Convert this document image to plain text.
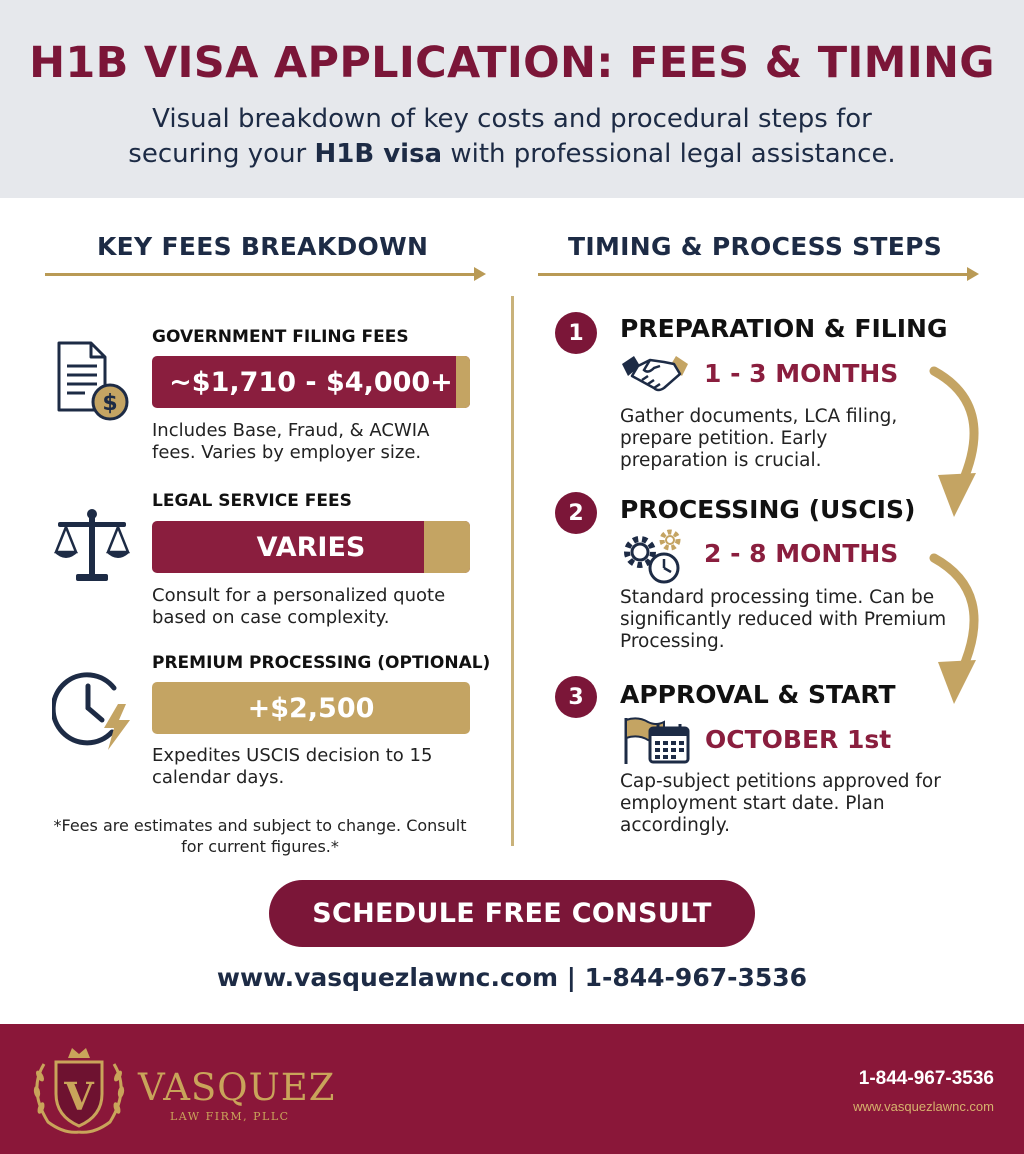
H1B VISA APPLICATION: FEES & TIMING
Visual breakdown of key costs and procedural steps for securing your H1B visa with professional legal assistance.
KEY FEES BREAKDOWN	TIMING & PROCESS STEPS
$
GOVERNMENT FILING FEES
~$1,710 - $4,000+
Includes Base, Fraud, & ACWIA fees. Varies by employer size.
LEGAL SERVICE FEES
VARIES
Consult for a personalized quote based on case complexity.
PREMIUM PROCESSING (OPTIONAL)
+$2,500
Expedites USCIS decision to 15 calendar days.
*Fees are estimates and subject to change. Consult for current figures.*
1	PREPARATION & FILING
1 - 3 MONTHS
Gather documents, LCA filing, prepare petition. Early preparation is crucial.
2	PROCESSING (USCIS)
2 - 8 MONTHS
Standard processing time. Can be significantly reduced with Premium Processing.
3	APPROVAL & START
OCTOBER 1st
Cap-subject petitions approved for employment start date. Plan accordingly.
SCHEDULE FREE CONSULT
www.vasquezlawnc.com | 1-844-967-3536
V VASQUEZ
LAW FIRM, PLLC
1-844-967-3536
www.vasquezlawnc.com
